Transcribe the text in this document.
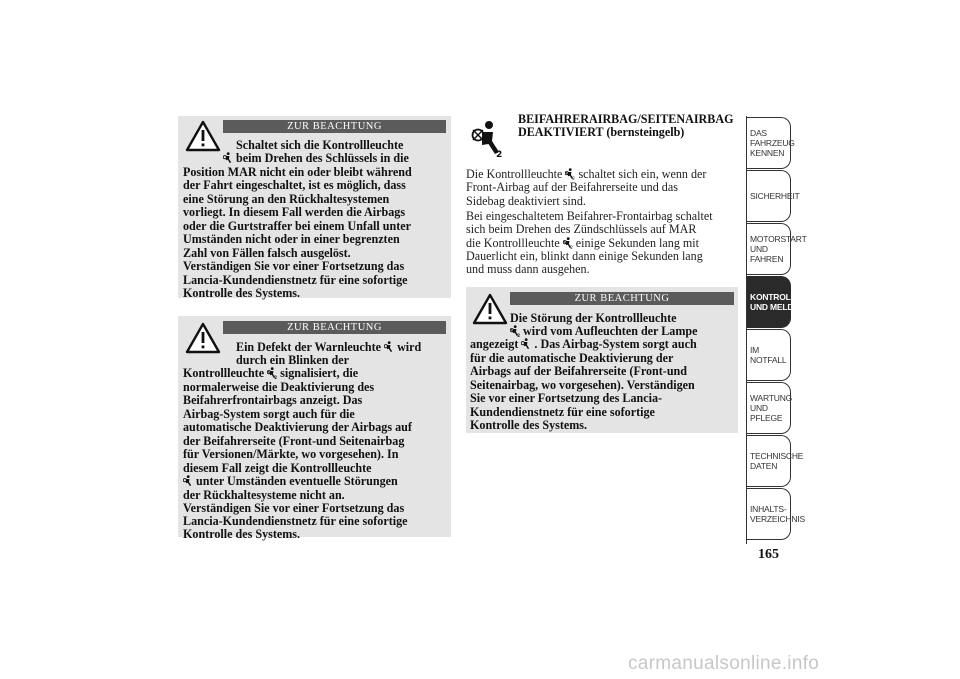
ZUR BEACHTUNG
Schaltet sich die Kontrollleuchte
beim Drehen des Schlüssels in die
Position MAR nicht ein oder bleibt während
der Fahrt eingeschaltet, ist es möglich, dass
eine Störung an den Rückhaltesystemen
vorliegt. In diesem Fall werden die Airbags
oder die Gurtstraffer bei einem Unfall unter
Umständen nicht oder in einer begrenzten
Zahl von Fällen falsch ausgelöst.
Verständigen Sie vor einer Fortsetzung das
Lancia-Kundendienstnetz für eine sofortige
Kontrolle des Systems.
ZUR BEACHTUNG
Ein Defekt der Warnleuchte wird
durch ein Blinken der
Kontrollleuchte signalisiert, die
normalerweise die Deaktivierung des
Beifahrerfrontairbags anzeigt. Das
Airbag-System sorgt auch für die
automatische Deaktivierung der Airbags auf
der Beifahrerseite (Front-und Seitenairbag
für Versionen/Märkte, wo vorgesehen). In
diesem Fall zeigt die Kontrollleuchte
unter Umständen eventuelle Störungen
der Rückhaltesysteme nicht an.
Verständigen Sie vor einer Fortsetzung das
Lancia-Kundendienstnetz für eine sofortige
Kontrolle des Systems.
2
BEIFAHRERAIRBAG/SEITENAIRBAG
DEAKTIVIERT (bernsteingelb)
Die Kontrollleuchte schaltet sich ein, wenn der
Front-Airbag auf der Beifahrerseite und das
Sidebag deaktiviert sind.
Bei eingeschaltetem Beifahrer-Frontairbag schaltet
sich beim Drehen des Zündschlüssels auf MAR
die Kontrollleuchte einige Sekunden lang mit
Dauerlicht ein, blinkt dann einige Sekunden lang
und muss dann ausgehen.
ZUR BEACHTUNG
Die Störung der Kontrollleuchte
wird vom Aufleuchten der Lampe
angezeigt . Das Airbag-System sorgt auch
für die automatische Deaktivierung der
Airbags auf der Beifahrerseite (Front-und
Seitenairbag, wo vorgesehen). Verständigen
Sie vor einer Fortsetzung des Lancia-
Kundendienstnetz für eine sofortige
Kontrolle des Systems.
DAS FAHRZEUG
KENNEN
SICHERHEIT
MOTORSTART UND
FAHREN
KONTROLLLEUCHTEN
UND MELDUNGEN
IM NOTFALL
WARTUNG UND
PFLEGE
TECHNISCHE
DATEN
INHALTS-
VERZEICHNIS
165
carmanualsonline.info
